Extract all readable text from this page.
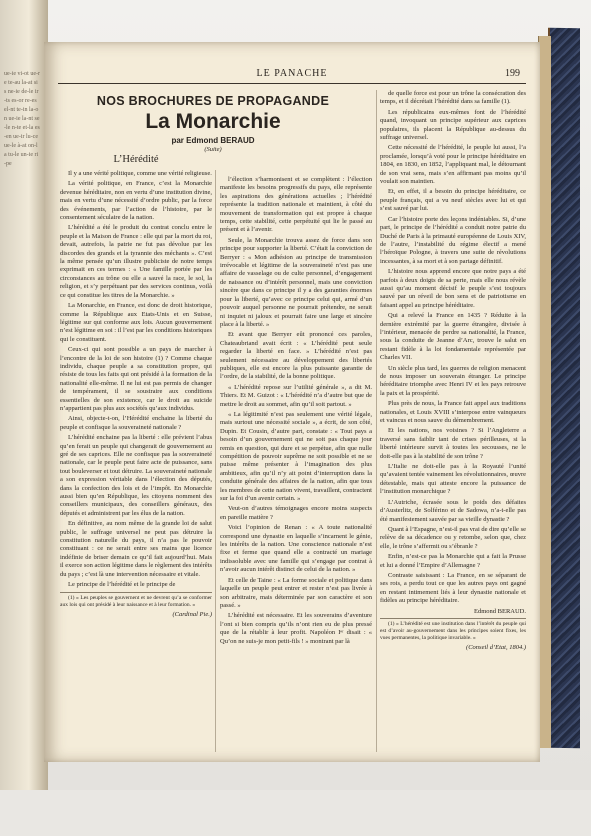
ue-ie vi-ot ue-re te-au la-at sis ne-ie de-le ir-ts es-or re-es el-nt te-in la-on ue-ie la-nt se-le n-te et-la es-en ue-ir lu-ce ue-le à-at on-la tu-le un-ie ri-pe
LE PANACHE	199
NOS BROCHURES DE PROPAGANDE
La Monarchie
par Edmond BERAUD
(Suite)
L’Hérédité

Il y a une vérité politique, comme une vérité religieuse.

La vérité politique, en France, c’est la Monarchie devenue héréditaire, non en vertu d’une institution divine, mais en vertu d’une nécessité d’ordre public, par la force des événements, par l’action de l’histoire, par le consentement séculaire de la nation.

L’hérédité a été le produit du contrat conclu entre le peuple et la Maison de France : elle qui par la mort du roi, devait, autrefois, la patrie ne fut pas dévolue par les discordes des grands et la tyrannie des méchants ». C’est la même pensée qu’un illustre publiciste de notre temps exprimait en ces termes : « Une famille portée par les circonstances au trône ou elle a sauvé la race, le sol, la religion, et s’y perpétuant par des services continus, voilà ce qui constitue les titres de la Monarchie. »

La Monarchie, en France, est donc de droit historique, comme la République aux Etats-Unis et en Suisse, légitime sur qui conforme aux lois. Aucun gouvernement n’est légitime en soi : il l’est par les conditions historiques qui le constituent.

Ceux-ci qui sont possible a un pays de marcher à l’encontre de la loi de son histoire (1) ? Comme chaque individu, chaque peuple a sa constitution propre, qui résiste de tous les faits qui ont présidé à la formation de la nationalité elle-même. Il ne lui est pas permis de changer de tempérament, il se soustraire aux conditions essentielles de son existence, car le droit au suicide n’appartient pas plus aux sociétés qu’aux individus.

Ainsi, objecte-t-on, l’Hérédité enchaine la liberté du peuple et confisque la souveraineté nationale ?

L’hérédité enchaine pas la liberté : elle prévient l’abus qu’en ferait un peuple qui changerait de gouvernement au gré de ses caprices. Elle ne confisque pas la souveraineté nationale, car le peuple peut faire acte de puissance, sans tout bouleverser et tout détruire. La souveraineté nationale a son expression véritable dans l’élection des députés, dans la confection des lois et de l’impôt. En Monarchie aussi bien qu’en République, les citoyens nomment des conseillers municipaux, des conseillers généraux, des députés et administrent par les élus de la nation.

En définitive, au nom même de la grande loi de salut public, le suffrage universel ne peut pas détruire la constitution naturelle du pays, il n’a pas le pouvoir constituant : ce ne serait entre ses mains que licence indéfinie de briser demain ce qu’il fait aujourd’hui. Mais il exerce son action légitime dans le règlement des intérêts du pays ; c’est là une intervention nécessaire et vitale.

Le principe de l’hérédité et le principe de

(1) « Les peuples se gouvernent et ne devrent qu’a se conformer aux lois qui ont présidé à leur naissance et à leur formation. »

(Cardinal Pie.)

l’élection s’harmonisent et se complètent : l’élection manifeste les besoins progressifs du pays, elle représente les aspirations des générations actuelles ; l’hérédité représente la tradition nationale et maintient, à côté du mouvement de transformation qui est propre à chaque temps, cette stabilité, cette perpétuité qui lie le passé au présent et à l’avenir.

Seule, la Monarchie trouva assez de force dans son principe pour supporter la liberté. C’était la conviction de Berryer : « Mon adhésion au principe de transmission irrévocable et légitime de la souveraineté n’est pas une affaire de vasselage ou de culte personnel, d’engagement de naissance ou d’intérêt personnel, mais une conviction sincère que dans ce principe il y a des garanties énormes pour la liberté, qu’avec ce principe celui qui, armé d’un pouvoir auquel personne ne pourrait prétendre, ne serait ni inquiet ni jaloux et pourrait faire une large et sincère place à la liberté. »

Et avant que Berryer eût prononcé ces paroles, Chateaubriand avait écrit : « L’hérédité peut seule regarder la liberté en face. » L’hérédité n’est pas seulement nécessaire au développement des libertés publiques, elle est encore la plus puissante garantie de l’ordre, de la stabilité, de la bonne politique.

« L’hérédité repose sur l’utilité générale », a dit M. Thiers. Et M. Guizot : « L’hérédité n’a d’autre but que de mettre le droit au sommet, afin qu’il soit partout. »

« La légitimité n’est pas seulement une vérité légale, mais surtout une nécessité sociale », a écrit, de son côté, Dupin. Et Cousin, d’autre part, constate : « Tout pays a besoin d’un gouvernement qui ne soit pas chaque jour remis en question, qui dure et se perpétue, afin que nulle compétition de pouvoir suprême ne soit possible et ne se puisse même présenter à l’imagination des plus ambitieux, afin qu’il n’y ait point d’interruption dans la conduite générale des affaires de la nation, afin que tous les membres de cette nation vivent, travaillent, contractent sur la foi d’un avenir certain. »

Veut-on d’autres témoignages encore moins suspects en pareille matière ?

Voici l’opinion de Renan : « A toute nationalité correspond une dynastie en laquelle s’incarnent le génie, les intérêts de la nation. Une conscience nationale n’est fixe et ferme que quand elle a contracté un mariage indissoluble avec une famille qui s’engage par contrat à n’avoir aucun intérêt distinct de celui de la nation. »

Et celle de Taine : « La forme sociale et politique dans laquelle un peuple peut entrer et rester n’est pas livrée à son arbitraire, mais déterminée par son caractère et son passé. »

L’hérédité est nécessaire. Et les souverains d’aventure l’ont si bien compris qu’ils n’ont rien eu de plus pressé que de la rétablir à leur profit. Napoléon Iᵉʳ disait : « Qu’on ne suis-je mon petit-fils ! » montrant par là

de quelle force est pour un trône la consécration des temps, et il décrétait l’hérédité dans sa famille (1).

Les républicains eux-mêmes font de l’hérédité quand, invoquant un principe supérieur aux caprices populaires, ils placent la République au-dessus du suffrage universel.

Cette nécessité de l’hérédité, le peuple lui aussi, l’a proclamée, lorsqu’à voté pour le principe héréditaire en 1804, en 1830, en 1852, l’appliquant mal, le détournant de son vrai sens, mais s’en affirmant pas moins qu’il voulait son maintien.

Et, en effet, il a besoin du principe héréditaire, ce peuple français, qui a vu neuf siècles avec lui et qui s’est sauvé par lui.

Car l’histoire porte des leçons indéniables. Si, d’une part, le principe de l’hérédité a conduit notre patrie du Duché de Paris à la primauté européenne de Louis XIV, de l’autre, l’instabilité du régime électif a mené l’héroïque Pologne, à travers une suite de révolutions incessantes, à sa mort et à son partage définitif.

L’histoire nous apprend encore que notre pays a été parfois à deux doigts de sa perte, mais elle nous révèle aussi qu’au moment décisif le peuple s’est toujours sauvé par un réveil de bon sens et de patriotisme en faisant appel au principe héréditaire.

Qui a relevé la France en 1435 ? Réduite à la dernière extrémité par la guerre étrangère, divisée à l’intérieur, menacée de perdre sa nationalité, la France, sous la conduite de Jeanne d’Arc, trouve le salut en restant fidèle à la loi fondamentale représentée par Charles VII.

Un siècle plus tard, les guerres de religion menacent de nous imposer un souverain étranger. Le principe héréditaire triomphe avec Henri IV et les pays retrouve la paix et la prospérité.

Plus près de nous, la France fait appel aux traditions nationales, et Louis XVIII s’interpose entre vainqueurs et vaincus et nous sauve du démembrement.

Et les nations, nos voisines ? Si l’Angleterre a traversé sans faiblir tant de crises périlleuses, si la liberté intérieure survit à toutes les secousses, ne le doit-elle pas à la stabilité de son trône ?

L’Italie ne doit-elle pas à la Royauté l’unité qu’avaient tentée vainement les révolutionnaires, œuvre détestable, mais qui atteste encore la puissance de l’institution monarchique ?

L’Autriche, écrasée sous le poids des défaites d’Austerlitz, de Solférino et de Sadowa, n’a-t-elle pas été manifestement sauvée par sa vieille dynastie ?

Quant à l’Espagne, n’est-il pas vrai de dire qu’elle se relève de sa décadence ou y retombe, selon que, chez elle, le trône s’affermit ou s’ébranle ?

Enfin, n’est-ce pas la Monarchie qui a fait la Prusse et lui a donné l’Empire d’Allemagne ?

Contraste saisissant : La France, en se séparant de ses rois, a perdu tout ce que les autres pays ont gagné en restant intimement liés à leur dynastie nationale et fidèles au principe héréditaire.

Edmond BERAUD.

(1) « L’hérédité est une institution dans l’intérêt du peuple qui est d’avoir au-gouvernement dans les principes soient fixes, les vues permanentes, la politique invariable. »

(Conseil d’Etat, 1804.)
